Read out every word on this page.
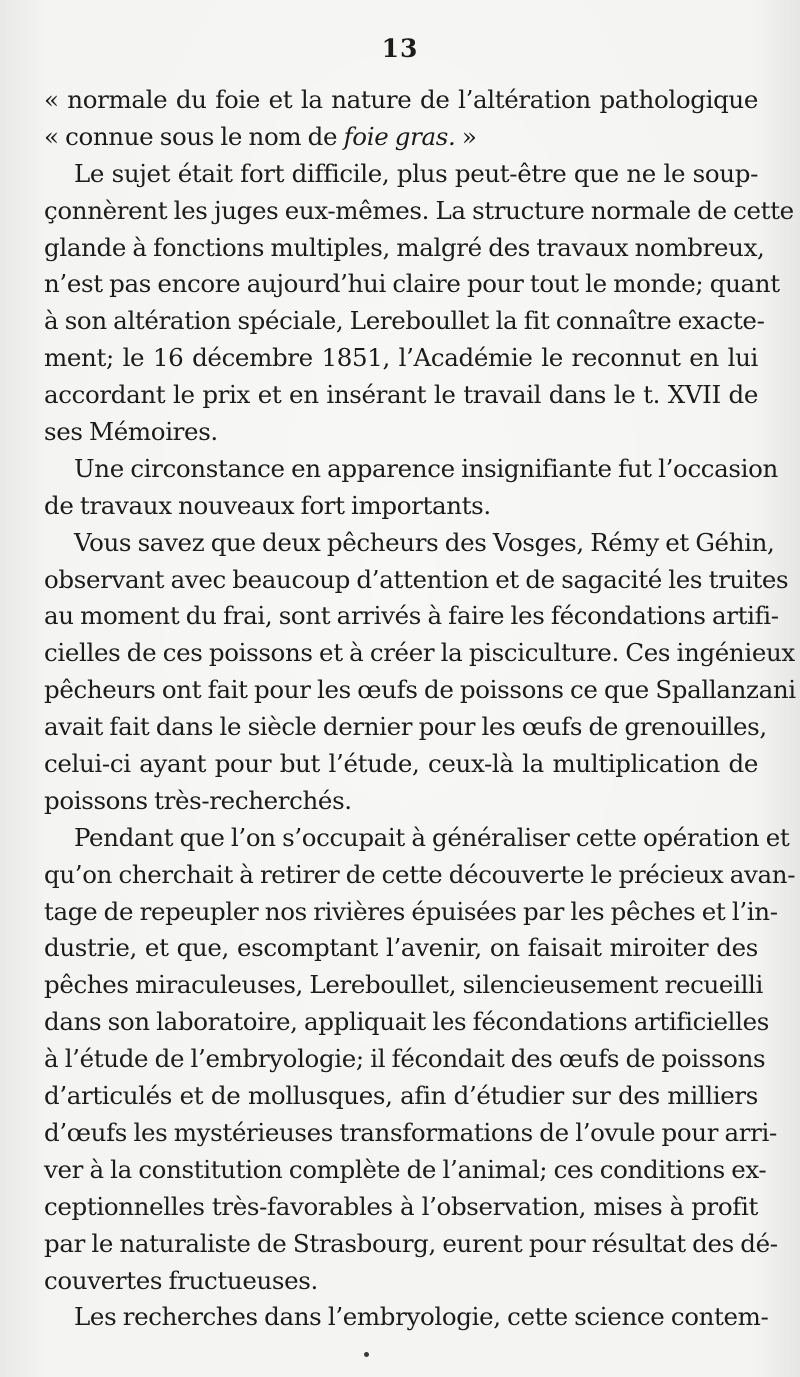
13
« normale du foie et la nature de l’altération pathologique
« connue sous le nom de foie gras. »
Le sujet était fort difficile, plus peut-être que ne le soup-
çonnèrent les juges eux-mêmes. La structure normale de cette
glande à fonctions multiples, malgré des travaux nombreux,
n’est pas encore aujourd’hui claire pour tout le monde; quant
à son altération spéciale, Lereboullet la fit connaître exacte-
ment; le 16 décembre 1851, l’Académie le reconnut en lui
accordant le prix et en insérant le travail dans le t. XVII de
ses Mémoires.
Une circonstance en apparence insignifiante fut l’occasion
de travaux nouveaux fort importants.
Vous savez que deux pêcheurs des Vosges, Rémy et Géhin,
observant avec beaucoup d’attention et de sagacité les truites
au moment du frai, sont arrivés à faire les fécondations artifi-
cielles de ces poissons et à créer la pisciculture. Ces ingénieux
pêcheurs ont fait pour les œufs de poissons ce que Spallanzani
avait fait dans le siècle dernier pour les œufs de grenouilles,
celui-ci ayant pour but l’étude, ceux-là la multiplication de
poissons très-recherchés.
Pendant que l’on s’occupait à généraliser cette opération et
qu’on cherchait à retirer de cette découverte le précieux avan-
tage de repeupler nos rivières épuisées par les pêches et l’in-
dustrie, et que, escomptant l’avenir, on faisait miroiter des
pêches miraculeuses, Lereboullet, silencieusement recueilli
dans son laboratoire, appliquait les fécondations artificielles
à l’étude de l’embryologie; il fécondait des œufs de poissons
d’articulés et de mollusques, afin d’étudier sur des milliers
d’œufs les mystérieuses transformations de l’ovule pour arri-
ver à la constitution complète de l’animal; ces conditions ex-
ceptionnelles très-favorables à l’observation, mises à profit
par le naturaliste de Strasbourg, eurent pour résultat des dé-
couvertes fructueuses.
Les recherches dans l’embryologie, cette science contem-
